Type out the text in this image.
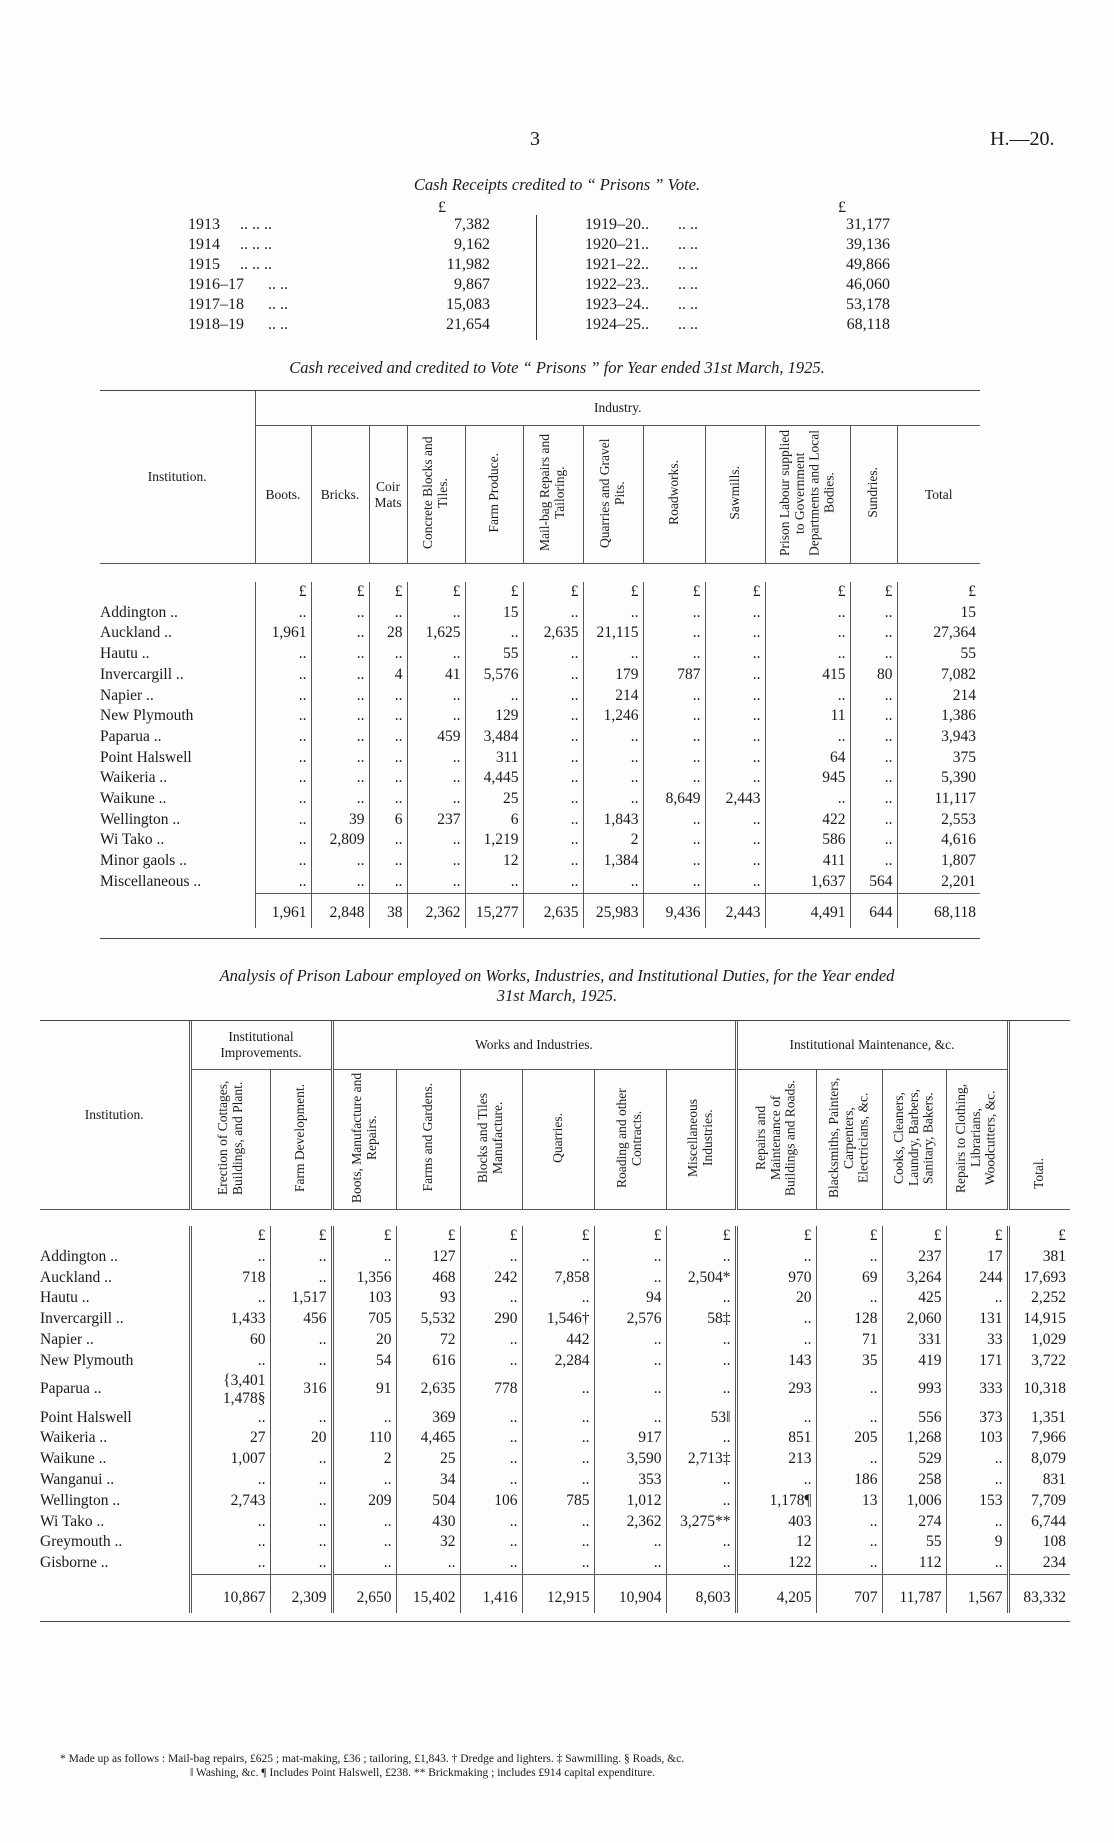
3	H.—20.
Cash Receipts credited to “ Prisons ” Vote.
£	£
1913 .. .. ..	7,382
1914 .. .. ..	9,162
1915 .. .. ..	11,982
1916–17 .. ..	9,867
1917–18 .. ..	15,083
1918–19 .. ..	21,654
1919–20.. .. ..	31,177
1920–21.. .. ..	39,136
1921–22.. .. ..	49,866
1922–23.. .. ..	46,060
1923–24.. .. ..	53,178
1924–25.. .. ..	68,118
Cash received and credited to Vote “ Prisons ” for Year ended 31st March, 1925.

Institution.	Industry.											
	Boots.	Bricks.	Coir Mats	Concrete Blocks and Tiles.	Farm Produce.	Mail-bag Repairs and Tailoring.	Quarries and Gravel Pits.	Roadworks.	Sawmills.	Prison Labour supplied to Government Departments and Local Bodies.	Sundries.	Total

	£	£	£	£	£	£	£	£	£	£	£	£
Addington ..	..	..	..	..	15	..	..	..	..	..	..	15
Auckland ..	1,961	..	28	1,625	..	2,635	21,115	..	..	..	..	27,364
Hautu ..	..	..	..	..	55	..	..	..	..	..	..	55
Invercargill ..	..	..	4	41	5,576	..	179	787	..	415	80	7,082
Napier ..	..	..	..	..	..	..	214	..	..	..	..	214
New Plymouth	..	..	..	..	129	..	1,246	..	..	11	..	1,386
Paparua ..	..	..	..	459	3,484	..	..	..	..	..	..	3,943
Point Halswell	..	..	..	..	311	..	..	..	..	64	..	375
Waikeria ..	..	..	..	..	4,445	..	..	..	..	945	..	5,390
Waikune ..	..	..	..	..	25	..	..	8,649	2,443	..	..	11,117
Wellington ..	..	39	6	237	6	..	1,843	..	..	422	..	2,553
Wi Tako ..	..	2,809	..	..	1,219	..	2	..	..	586	..	4,616
Minor gaols ..	..	..	..	..	12	..	1,384	..	..	411	..	1,807
Miscellaneous ..	..	..	..	..	..	..	..	..	..	1,637	564	2,201
	1,961	2,848	38	2,362	15,277	2,635	25,983	9,436	2,443	4,491	644	68,118

Analysis of Prison Labour employed on Works, Industries, and Institutional Duties, for the Year ended
31st March, 1925.

Institution.	Institutional Improvements.		Works and Industries.						Institutional Maintenance, &c.				Total.
	Erection of Cottages, Buildings, and Plant.	Farm Development.	Boots, Manufacture and Repairs.	Farms and Gardens.	Blocks and Tiles Manufacture.	Quarries.	Roading and other Contracts.	Miscellaneous Industries.	Repairs and Maintenance of Buildings and Roads.	Blacksmiths, Painters, Carpenters, Electricians, &c.	Cooks, Cleaners, Laundry, Barbers, Sanitary, Bakers.	Repairs to Clothing, Librarians, Woodcutters, &c.	

	£	£	£	£	£	£	£	£	£	£	£	£	£
Addington ..	..	..	..	127	..	..	..	..	..	..	237	17	381
Auckland ..	718	..	1,356	468	242	7,858	..	2,504*	970	69	3,264	244	17,693
Hautu ..	..	1,517	103	93	..	..	94	..	20	..	425	..	2,252
Invercargill ..	1,433	456	705	5,532	290	1,546†	2,576	58‡	..	128	2,060	131	14,915
Napier ..	60	..	20	72	..	442	..	..	..	71	331	33	1,029
New Plymouth	..	..	54	616	..	2,284	..	..	143	35	419	171	3,722
Paparua ..	{3,401
1,478§	316	91	2,635	778	..	..	..	293	..	993	333	10,318
Point Halswell	..	..	..	369	..	..	..	53‖	..	..	556	373	1,351
Waikeria ..	27	20	110	4,465	..	..	917	..	851	205	1,268	103	7,966
Waikune ..	1,007	..	2	25	..	..	3,590	2,713‡	213	..	529	..	8,079
Wanganui ..	..	..	..	34	..	..	353	..	..	186	258	..	831
Wellington ..	2,743	..	209	504	106	785	1,012	..	1,178¶	13	1,006	153	7,709
Wi Tako ..	..	..	..	430	..	..	2,362	3,275**	403	..	274	..	6,744
Greymouth ..	..	..	..	32	..	..	..	..	12	..	55	9	108
Gisborne ..	..	..	..	..	..	..	..	..	122	..	112	..	234
	10,867	2,309	2,650	15,402	1,416	12,915	10,904	8,603	4,205	707	11,787	1,567	83,332

* Made up as follows : Mail-bag repairs, £625 ; mat-making, £36 ; tailoring, £1,843. † Dredge and lighters. ‡ Sawmilling. § Roads, &c.
‖ Washing, &c. ¶ Includes Point Halswell, £238. ** Brickmaking ; includes £914 capital expenditure.
